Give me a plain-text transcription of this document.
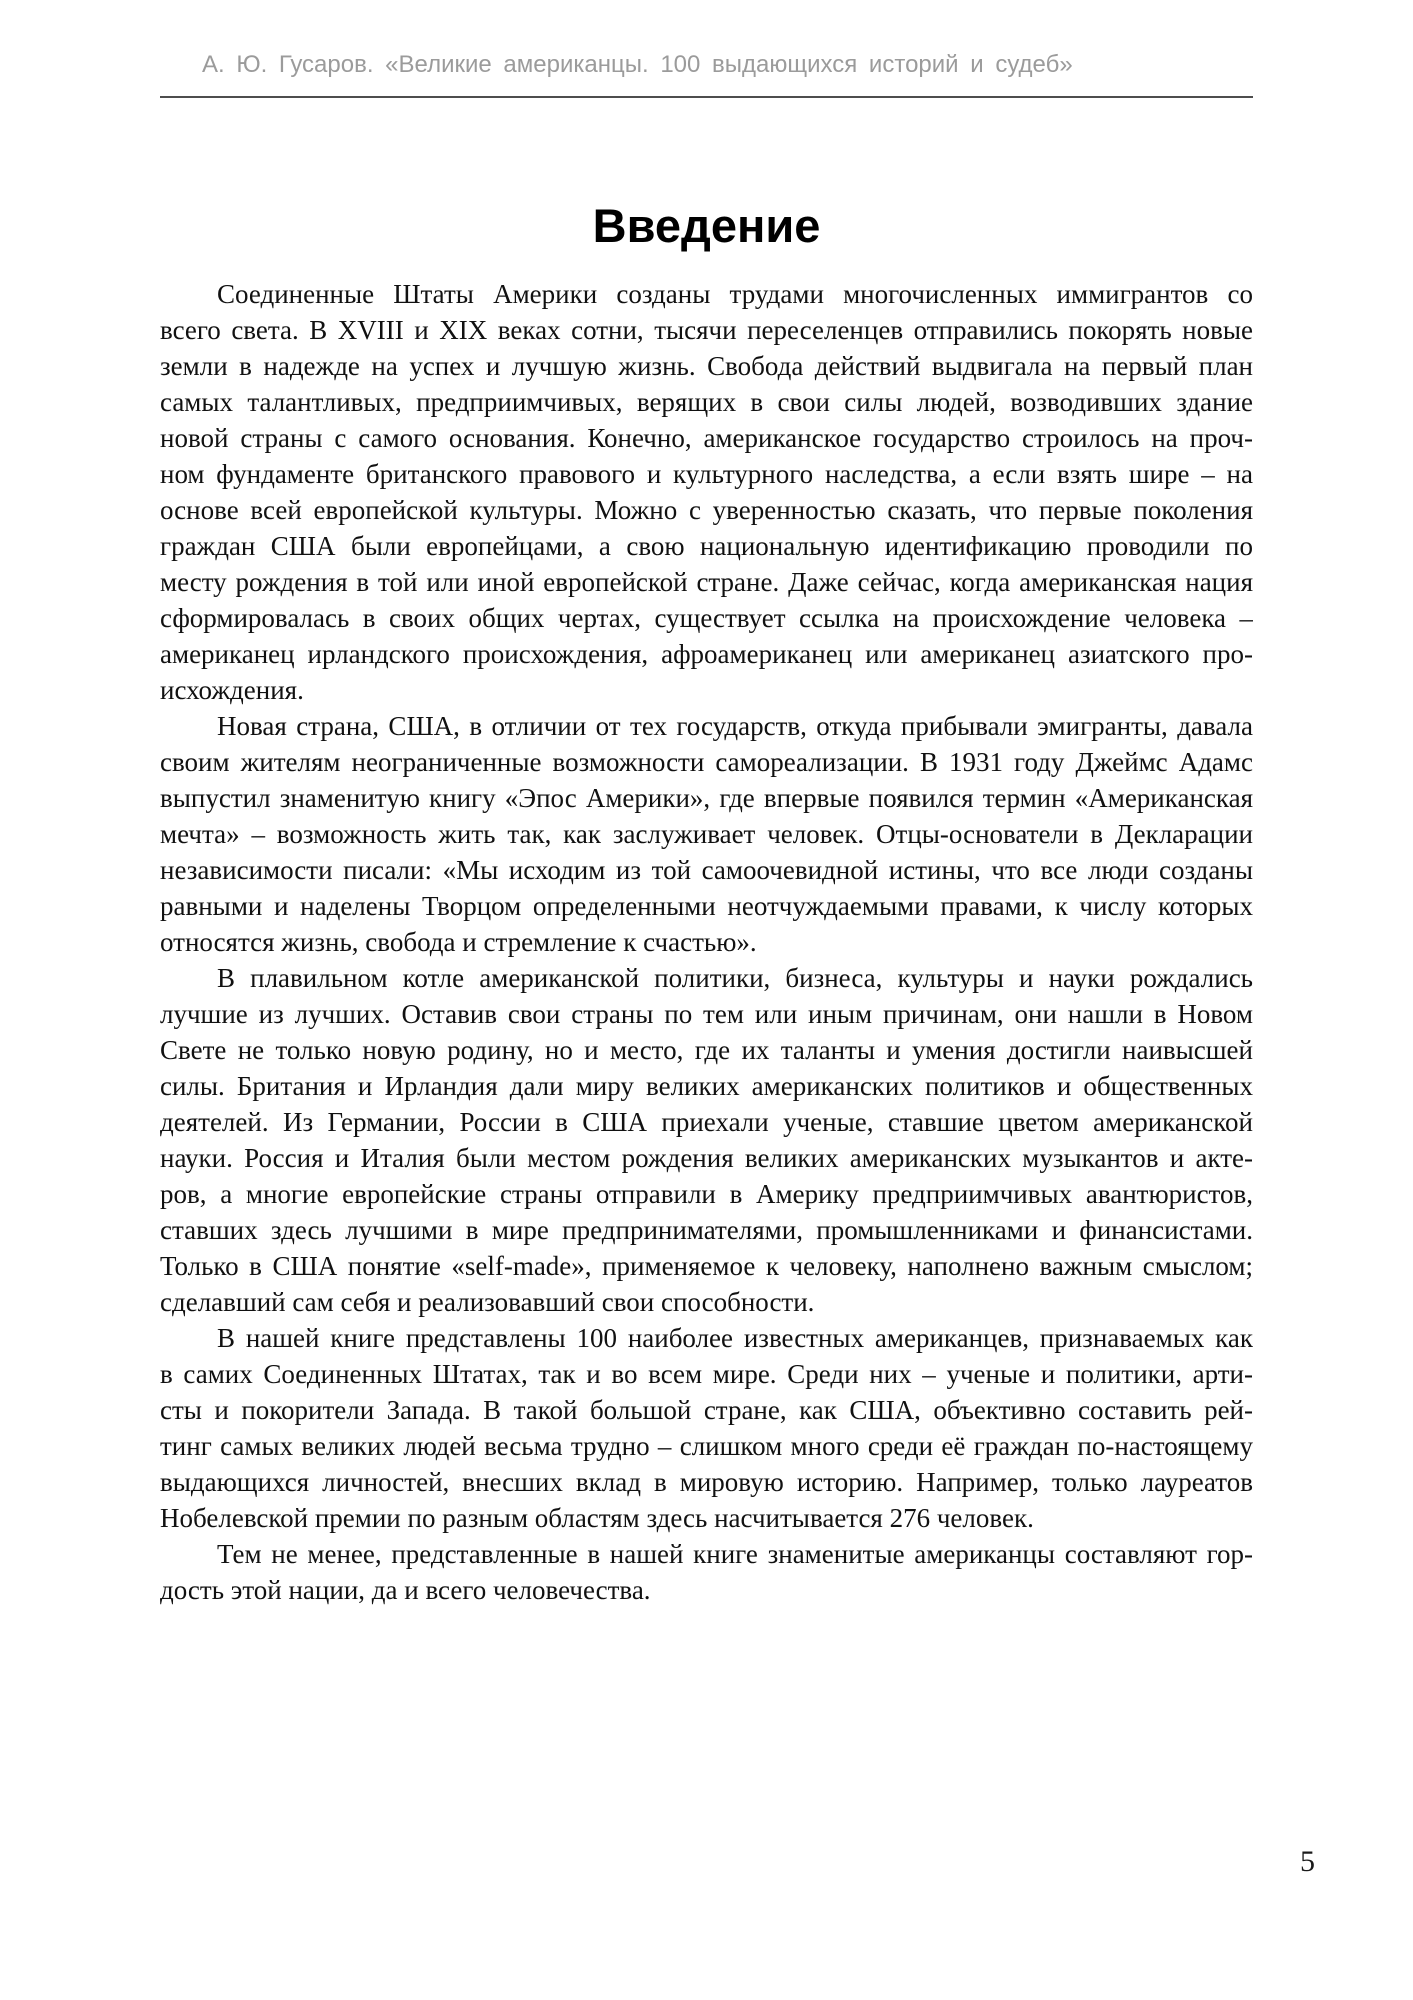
А. Ю. Гусаров. «Великие американцы. 100 выдающихся историй и судеб»
Введение
Соединенные Штаты Америки созданы трудами многочисленных иммигрантов со
всего света. В XVIII и XIX веках сотни, тысячи переселенцев отправились покорять новые
земли в надежде на успех и лучшую жизнь. Свобода действий выдвигала на первый план
самых талантливых, предприимчивых, верящих в свои силы людей, возводивших здание
новой страны с самого основания. Конечно, американское государство строилось на проч-
ном фундаменте британского правового и культурного наследства, а если взять шире – на
основе всей европейской культуры. Можно с уверенностью сказать, что первые поколения
граждан США были европейцами, а свою национальную идентификацию проводили по
месту рождения в той или иной европейской стране. Даже сейчас, когда американская нация
сформировалась в своих общих чертах, существует ссылка на происхождение человека –
американец ирландского происхождения, афроамериканец или американец азиатского про-
исхождения.
Новая страна, США, в отличии от тех государств, откуда прибывали эмигранты, давала
своим жителям неограниченные возможности самореализации. В 1931 году Джеймс Адамс
выпустил знаменитую книгу «Эпос Америки», где впервые появился термин «Американская
мечта» – возможность жить так, как заслуживает человек. Отцы-основатели в Декларации
независимости писали: «Мы исходим из той самоочевидной истины, что все люди созданы
равными и наделены Творцом определенными неотчуждаемыми правами, к числу которых
относятся жизнь, свобода и стремление к счастью».
В плавильном котле американской политики, бизнеса, культуры и науки рождались
лучшие из лучших. Оставив свои страны по тем или иным причинам, они нашли в Новом
Свете не только новую родину, но и место, где их таланты и умения достигли наивысшей
силы. Британия и Ирландия дали миру великих американских политиков и общественных
деятелей. Из Германии, России в США приехали ученые, ставшие цветом американской
науки. Россия и Италия были местом рождения великих американских музыкантов и акте-
ров, а многие европейские страны отправили в Америку предприимчивых авантюристов,
ставших здесь лучшими в мире предпринимателями, промышленниками и финансистами.
Только в США понятие «self-made», применяемое к человеку, наполнено важным смыслом;
сделавший сам себя и реализовавший свои способности.
В нашей книге представлены 100 наиболее известных американцев, признаваемых как
в самих Соединенных Штатах, так и во всем мире. Среди них – ученые и политики, арти-
сты и покорители Запада. В такой большой стране, как США, объективно составить рей-
тинг самых великих людей весьма трудно – слишком много среди её граждан по-настоящему
выдающихся личностей, внесших вклад в мировую историю. Например, только лауреатов
Нобелевской премии по разным областям здесь насчитывается 276 человек.
Тем не менее, представленные в нашей книге знаменитые американцы составляют гор-
дость этой нации, да и всего человечества.
5
